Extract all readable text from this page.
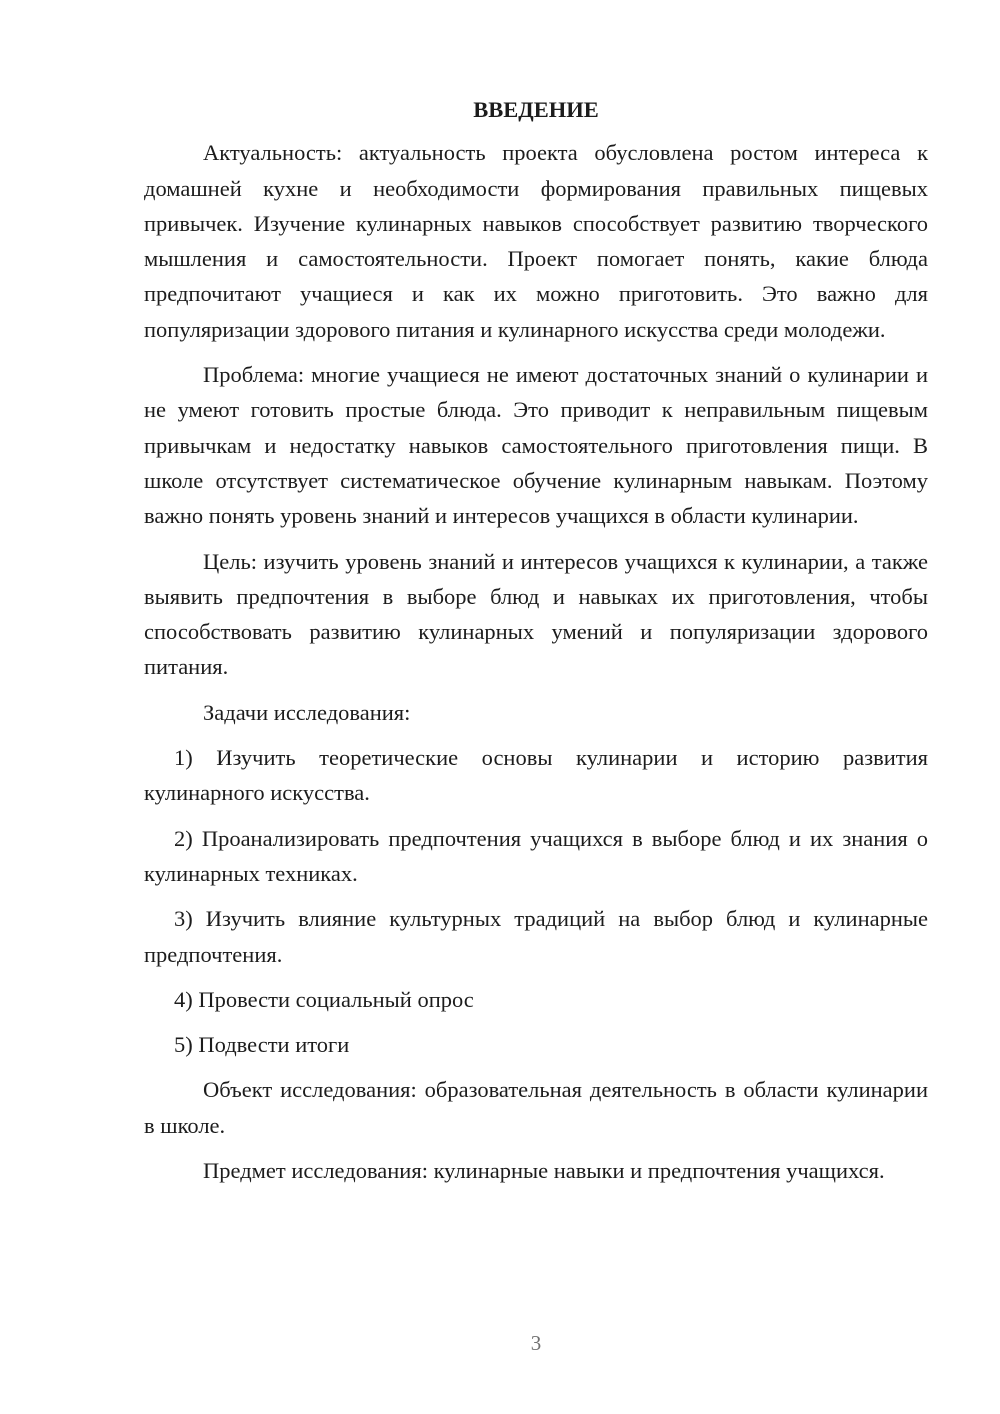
ВВЕДЕНИЕ

Актуальность: актуальность проекта обусловлена ростом интереса к домашней кухне и необходимости формирования правильных пищевых привычек. Изучение кулинарных навыков способствует развитию творческого мышления и самостоятельности. Проект помогает понять, какие блюда предпочитают учащиеся и как их можно приготовить. Это важно для популяризации здорового питания и кулинарного искусства среди молодежи.

Проблема: многие учащиеся не имеют достаточных знаний о кулинарии и не умеют готовить простые блюда. Это приводит к неправильным пищевым привычкам и недостатку навыков самостоятельного приготовления пищи. В школе отсутствует систематическое обучение кулинарным навыкам. Поэтому важно понять уровень знаний и интересов учащихся в области кулинарии.

Цель: изучить уровень знаний и интересов учащихся к кулинарии, а также выявить предпочтения в выборе блюд и навыках их приготовления, чтобы способствовать развитию кулинарных умений и популяризации здорового питания.

Задачи исследования:

1) Изучить теоретические основы кулинарии и историю развития кулинарного искусства.

2) Проанализировать предпочтения учащихся в выборе блюд и их знания о кулинарных техниках.

3) Изучить влияние культурных традиций на выбор блюд и кулинарные предпочтения.

4) Провести социальный опрос

5) Подвести итоги

Объект исследования: образовательная деятельность в области кулинарии в школе.

Предмет исследования: кулинарные навыки и предпочтения учащихся.

3
